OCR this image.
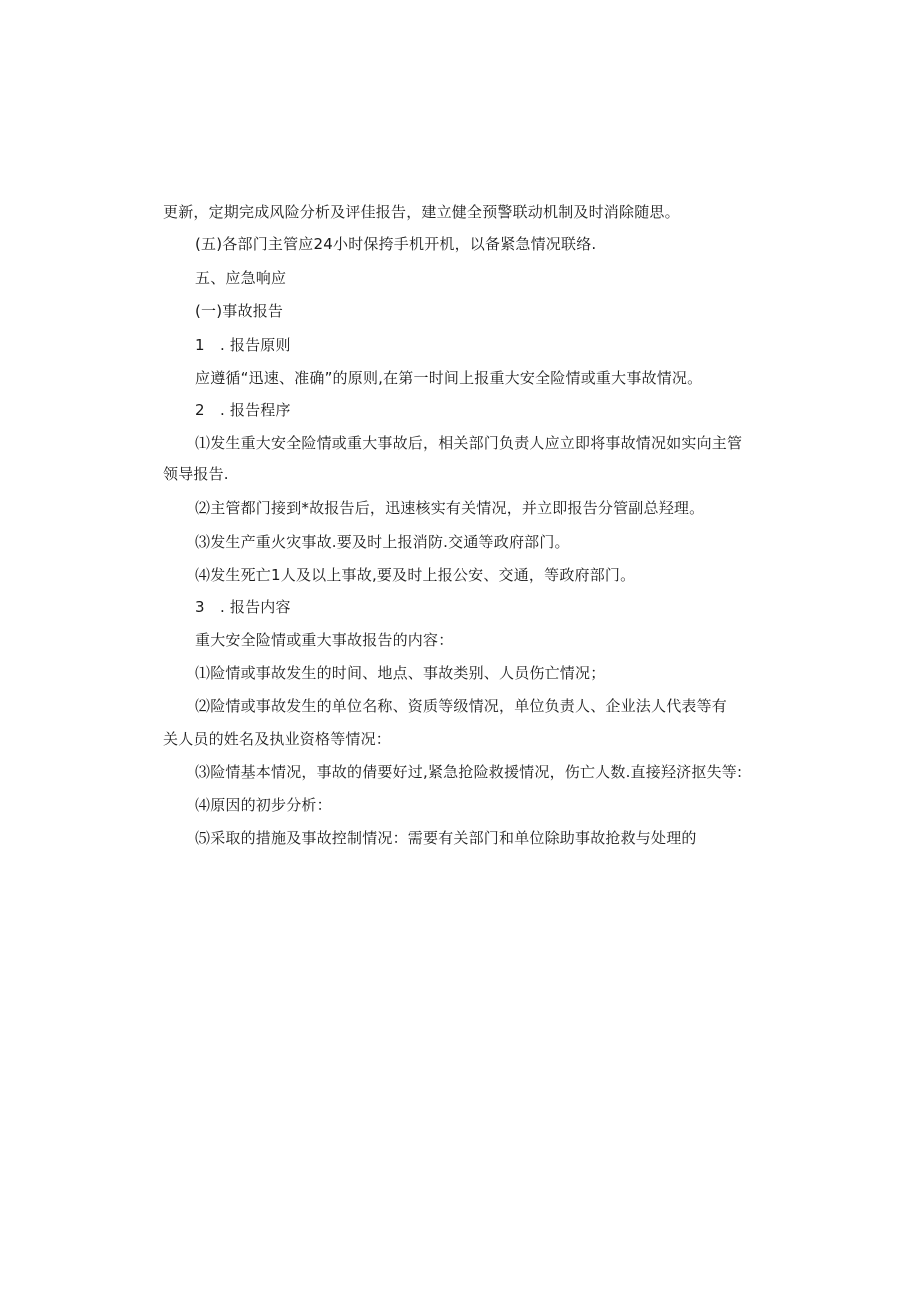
更新，定期完成风险分析及评佳报告，建立健全预警联动机制及时消除随思。
(五)各部门主管应24小时保挎手机开机，以备紧急情况联络.
五、应急响应
(一)事故报告
1　. 报告原则
应遵循“迅速、准确”的原则,在第一时间上报重大安全险情或重大事故情况。
2　. 报告程序
⑴发生重大安全险情或重大事故后，相关部门负责人应立即将事故情况如实向主管
领导报告.
⑵主管都门接到*故报告后，迅速核实有关情况，并立即报告分管副总羟理。
⑶发生产重火灾事故.要及时上报消防.交通等政府部门。
⑷发生死亡1人及以上事故,要及时上报公安、交通，等政府部门。
3　. 报告内容
重大安全险情或重大事故报告的内容：
⑴险情或事故发生的时间、地点、事故类别、人员伤亡情况；
⑵险情或事故发生的单位名称、资质等级情况，单位负责人、企业法人代表等有
关人员的姓名及执业资格等情况：
⑶险情基本情况，事故的倩要好过,紧急抢险救援情况，伤亡人数.直接羟济抠失等:
⑷原因的初步分析：
⑸采取的措施及事故控制情况：需要有关部门和单位除助事故抢救与处理的
